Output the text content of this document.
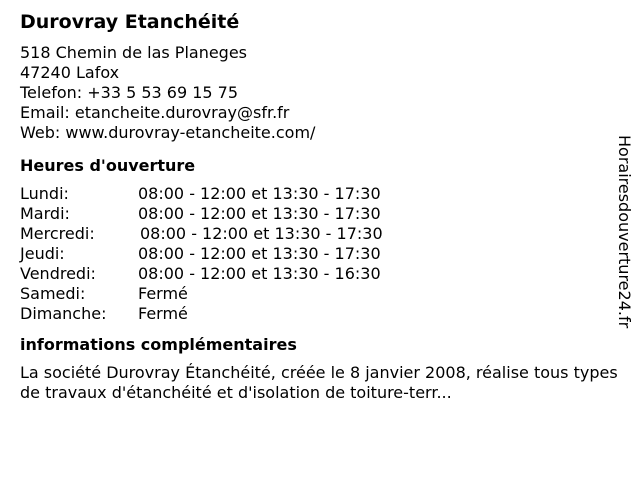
Durovray Etanchéité
518 Chemin de las Planeges
47240 Lafox
Telefon: +33 5 53 69 15 75
Email: etancheite.durovray@sfr.fr
Web: www.durovray-etancheite.com/
Heures d'ouverture
Lundi:	08:00 - 12:00 et 13:30 - 17:30
Mardi:	08:00 - 12:00 et 13:30 - 17:30
Mercredi:	08:00 - 12:00 et 13:30 - 17:30
Jeudi:	08:00 - 12:00 et 13:30 - 17:30
Vendredi:	08:00 - 12:00 et 13:30 - 16:30
Samedi:	Fermé
Dimanche:	Fermé
informations complémentaires
La société Durovray Étanchéité, créée le 8 janvier 2008, réalise tous types de travaux d'étanchéité et d'isolation de toiture-terr...
Horairesdouverture24.fr
